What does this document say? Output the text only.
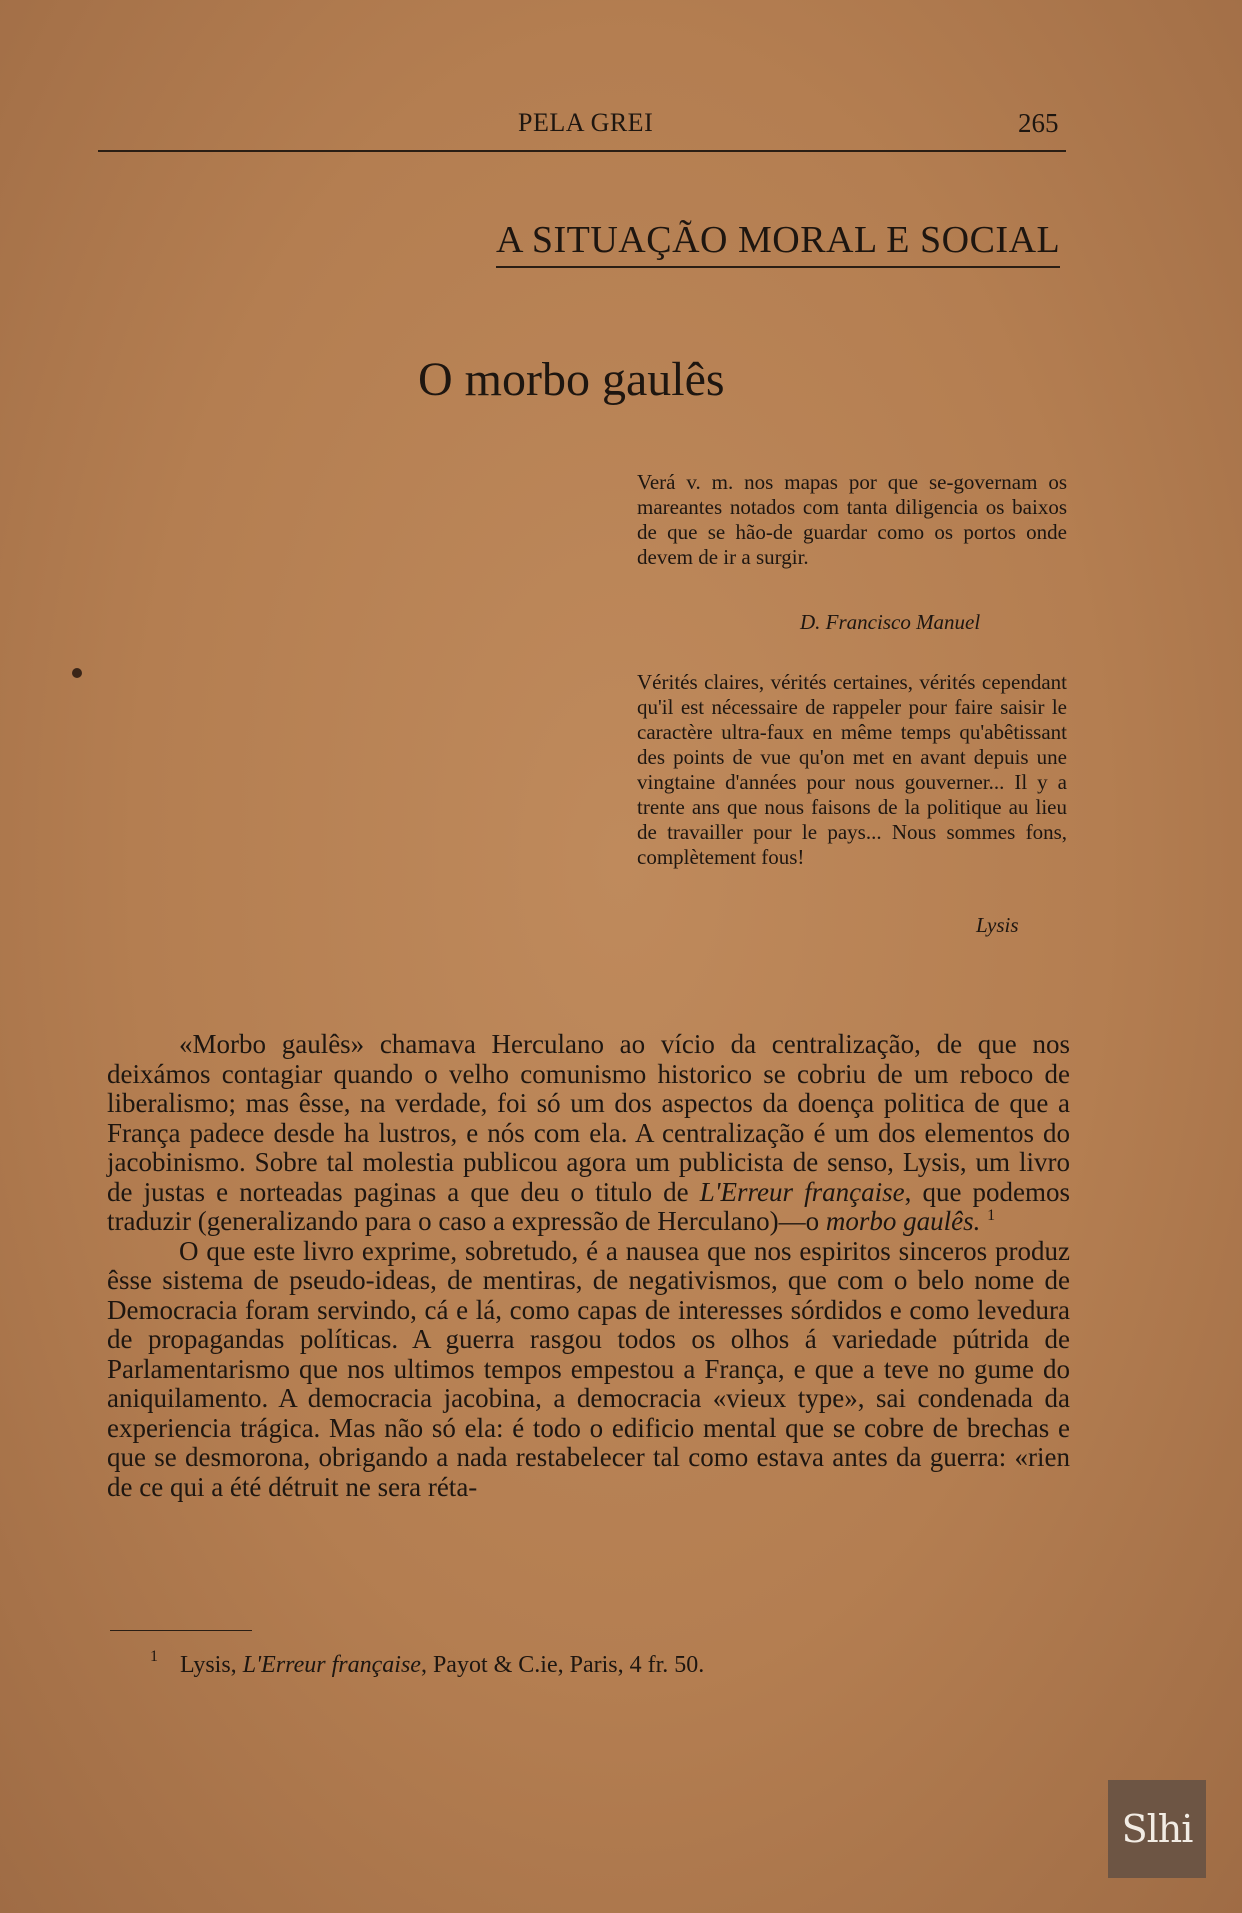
PELA GREI	265
A SITUAÇÃO MORAL E SOCIAL
O morbo gaulês

Verá v. m. nos mapas por que se-governam os mareantes notados com tanta diligencia os baixos de que se hão-de guardar como os portos onde devem de ir a surgir.

D. Francisco Manuel

Vérités claires, vérités certaines, vérités cependant qu'il est nécessaire de rappeler pour faire saisir le caractère ultra-faux en même temps qu'abêtissant des points de vue qu'on met en avant depuis une vingtaine d'années pour nous gouverner... Il y a trente ans que nous faisons de la politique au lieu de travailler pour le pays... Nous sommes fons, complètement fous!

Lysis

«Morbo gaulês» chamava Herculano ao vício da centralização, de que nos deixámos contagiar quando o velho comunismo historico se cobriu de um reboco de liberalismo; mas êsse, na verdade, foi só um dos aspectos da doença politica de que a França padece desde ha lustros, e nós com ela. A centralização é um dos elementos do jacobinismo. Sobre tal molestia publicou agora um publicista de senso, Lysis, um livro de justas e norteadas paginas a que deu o titulo de L'Erreur française, que podemos traduzir (generalizando para o caso a expressão de Herculano)—o morbo gaulês. $^1$

O que este livro exprime, sobretudo, é a nausea que nos espiritos sinceros produz êsse sistema de pseudo-ideas, de mentiras, de negativismos, que com o belo nome de Democracia foram servindo, cá e lá, como capas de interesses sórdidos e como levedura de propagandas políticas. A guerra rasgou todos os olhos á variedade pútrida de Parlamentarismo que nos ultimos tempos empestou a França, e que a teve no gume do aniquilamento. A democracia jacobina, a democracia «vieux type», sai condenada da experiencia trágica. Mas não só ela: é todo o edificio mental que se cobre de brechas e que se desmorona, obrigando a nada restabelecer tal como estava antes da guerra: «rien de ce qui a été détruit ne sera réta-

1 Lysis, L'Erreur française, Payot & C.ie, Paris, 4 fr. 50.
Slhi
